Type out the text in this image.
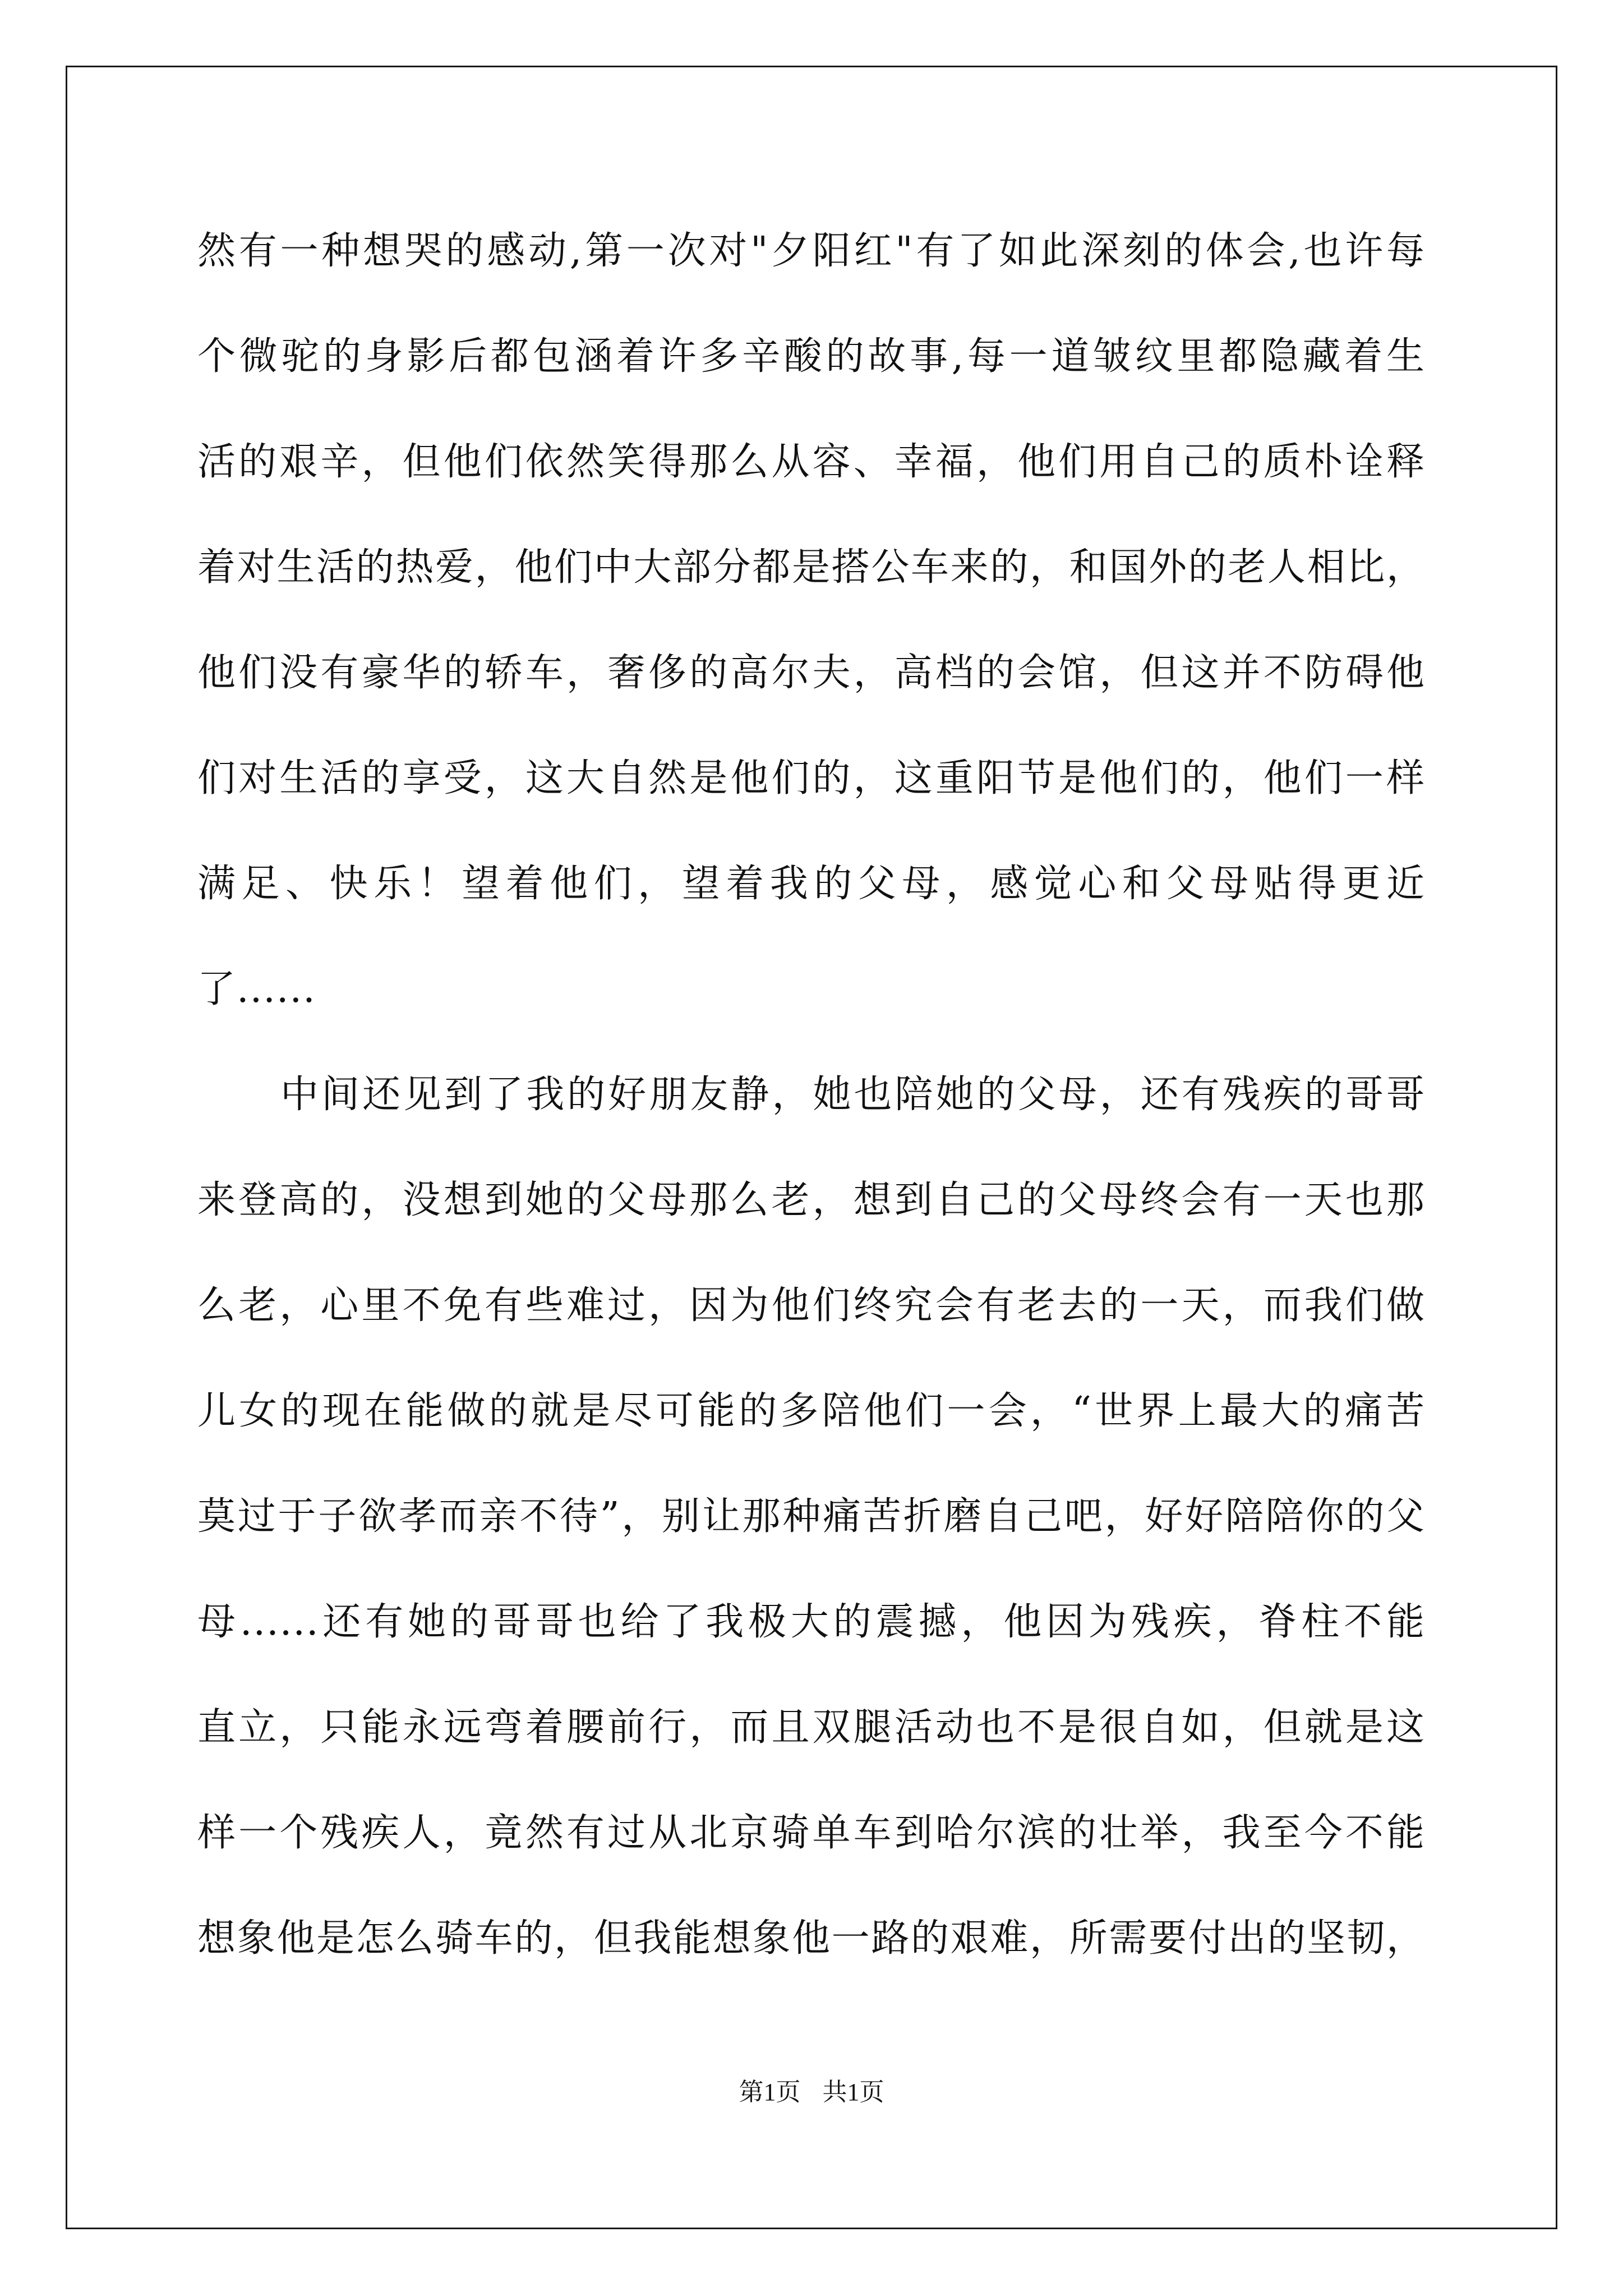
然有一种想哭的感动,第一次对"夕阳红"有了如此深刻的体会,也许每
个微驼的身影后都包涵着许多辛酸的故事,每一道皱纹里都隐藏着生
活的艰辛，但他们依然笑得那么从容、幸福，他们用自己的质朴诠释
着对生活的热爱，他们中大部分都是搭公车来的，和国外的老人相比，
他们没有豪华的轿车，奢侈的高尔夫，高档的会馆，但这并不防碍他
们对生活的享受，这大自然是他们的，这重阳节是他们的，他们一样
满足、快乐！望着他们，望着我的父母，感觉心和父母贴得更近
了......
中间还见到了我的好朋友静，她也陪她的父母，还有残疾的哥哥
来登高的，没想到她的父母那么老，想到自己的父母终会有一天也那
么老，心里不免有些难过，因为他们终究会有老去的一天，而我们做
儿女的现在能做的就是尽可能的多陪他们一会，“世界上最大的痛苦
莫过于子欲孝而亲不待”，别让那种痛苦折磨自己吧，好好陪陪你的父
母......还有她的哥哥也给了我极大的震撼，他因为残疾，脊柱不能
直立，只能永远弯着腰前行，而且双腿活动也不是很自如，但就是这
样一个残疾人，竟然有过从北京骑单车到哈尔滨的壮举，我至今不能
想象他是怎么骑车的，但我能想象他一路的艰难，所需要付出的坚韧，
第1页 共1页
